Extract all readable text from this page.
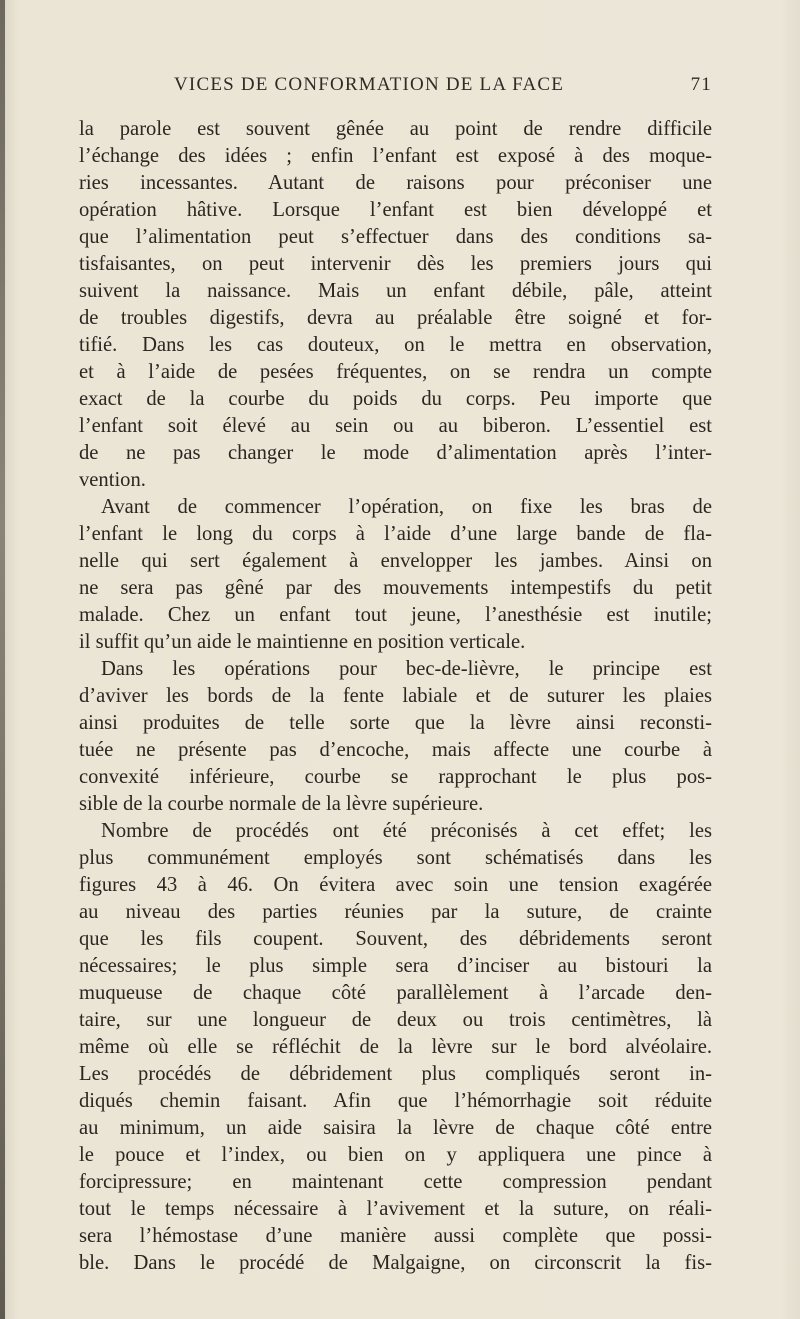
VICES DE CONFORMATION DE LA FACE	71
la parole est souvent gênée au point de rendre difficile
l’échange des idées ; enfin l’enfant est exposé à des moque-
ries incessantes. Autant de raisons pour préconiser une
opération hâtive. Lorsque l’enfant est bien développé et
que l’alimentation peut s’effectuer dans des conditions sa-
tisfaisantes, on peut intervenir dès les premiers jours qui
suivent la naissance. Mais un enfant débile, pâle, atteint
de troubles digestifs, devra au préalable être soigné et for-
tifié. Dans les cas douteux, on le mettra en observation,
et à l’aide de pesées fréquentes, on se rendra un compte
exact de la courbe du poids du corps. Peu importe que
l’enfant soit élevé au sein ou au biberon. L’essentiel est
de ne pas changer le mode d’alimentation après l’inter-
vention.
Avant de commencer l’opération, on fixe les bras de
l’enfant le long du corps à l’aide d’une large bande de fla-
nelle qui sert également à envelopper les jambes. Ainsi on
ne sera pas gêné par des mouvements intempestifs du petit
malade. Chez un enfant tout jeune, l’anesthésie est inutile;
il suffit qu’un aide le maintienne en position verticale.
Dans les opérations pour bec-de-lièvre, le principe est
d’aviver les bords de la fente labiale et de suturer les plaies
ainsi produites de telle sorte que la lèvre ainsi reconsti-
tuée ne présente pas d’encoche, mais affecte une courbe à
convexité inférieure, courbe se rapprochant le plus pos-
sible de la courbe normale de la lèvre supérieure.
Nombre de procédés ont été préconisés à cet effet; les
plus communément employés sont schématisés dans les
figures 43 à 46. On évitera avec soin une tension exagérée
au niveau des parties réunies par la suture, de crainte
que les fils coupent. Souvent, des débridements seront
nécessaires; le plus simple sera d’inciser au bistouri la
muqueuse de chaque côté parallèlement à l’arcade den-
taire, sur une longueur de deux ou trois centimètres, là
même où elle se réfléchit de la lèvre sur le bord alvéolaire.
Les procédés de débridement plus compliqués seront in-
diqués chemin faisant. Afin que l’hémorrhagie soit réduite
au minimum, un aide saisira la lèvre de chaque côté entre
le pouce et l’index, ou bien on y appliquera une pince à
forcipressure; en maintenant cette compression pendant
tout le temps nécessaire à l’avivement et la suture, on réali-
sera l’hémostase d’une manière aussi complète que possi-
ble. Dans le procédé de Malgaigne, on circonscrit la fis-
